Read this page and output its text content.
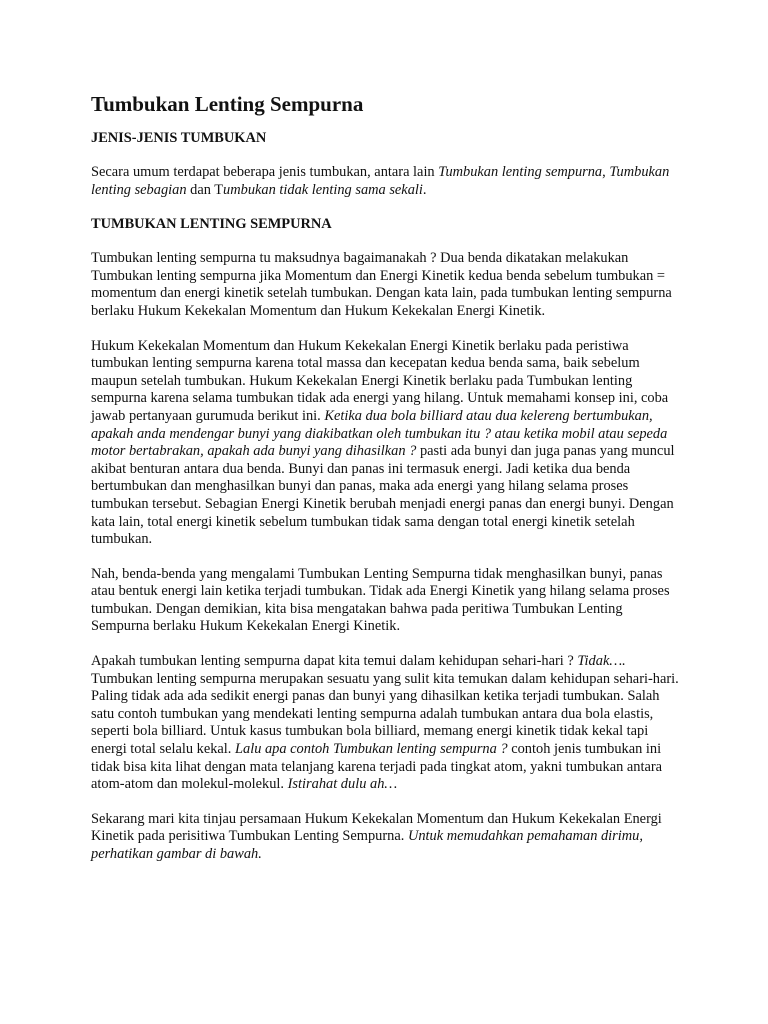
Tumbukan Lenting Sempurna
JENIS-JENIS TUMBUKAN

Secara umum terdapat beberapa jenis tumbukan, antara lain Tumbukan lenting sempurna, Tumbukan lenting sebagian dan Tumbukan tidak lenting sama sekali.

TUMBUKAN LENTING SEMPURNA

Tumbukan lenting sempurna tu maksudnya bagaimanakah ? Dua benda dikatakan melakukan Tumbukan lenting sempurna jika Momentum dan Energi Kinetik kedua benda sebelum tumbukan = momentum dan energi kinetik setelah tumbukan. Dengan kata lain, pada tumbukan lenting sempurna berlaku Hukum Kekekalan Momentum dan Hukum Kekekalan Energi Kinetik.

Hukum Kekekalan Momentum dan Hukum Kekekalan Energi Kinetik berlaku pada peristiwa tumbukan lenting sempurna karena total massa dan kecepatan kedua benda sama, baik sebelum maupun setelah tumbukan. Hukum Kekekalan Energi Kinetik berlaku pada Tumbukan lenting sempurna karena selama tumbukan tidak ada energi yang hilang. Untuk memahami konsep ini, coba jawab pertanyaan gurumuda berikut ini. Ketika dua bola billiard atau dua kelereng bertumbukan, apakah anda mendengar bunyi yang diakibatkan oleh tumbukan itu ? atau ketika mobil atau sepeda motor bertabrakan, apakah ada bunyi yang dihasilkan ? pasti ada bunyi dan juga panas yang muncul akibat benturan antara dua benda. Bunyi dan panas ini termasuk energi. Jadi ketika dua benda bertumbukan dan menghasilkan bunyi dan panas, maka ada energi yang hilang selama proses tumbukan tersebut. Sebagian Energi Kinetik berubah menjadi energi panas dan energi bunyi. Dengan kata lain, total energi kinetik sebelum tumbukan tidak sama dengan total energi kinetik setelah tumbukan.

Nah, benda-benda yang mengalami Tumbukan Lenting Sempurna tidak menghasilkan bunyi, panas atau bentuk energi lain ketika terjadi tumbukan. Tidak ada Energi Kinetik yang hilang selama proses tumbukan. Dengan demikian, kita bisa mengatakan bahwa pada peritiwa Tumbukan Lenting Sempurna berlaku Hukum Kekekalan Energi Kinetik.

Apakah tumbukan lenting sempurna dapat kita temui dalam kehidupan sehari-hari ? Tidak…. Tumbukan lenting sempurna merupakan sesuatu yang sulit kita temukan dalam kehidupan sehari-hari. Paling tidak ada ada sedikit energi panas dan bunyi yang dihasilkan ketika terjadi tumbukan. Salah satu contoh tumbukan yang mendekati lenting sempurna adalah tumbukan antara dua bola elastis, seperti bola billiard. Untuk kasus tumbukan bola billiard, memang energi kinetik tidak kekal tapi energi total selalu kekal. Lalu apa contoh Tumbukan lenting sempurna ? contoh jenis tumbukan ini tidak bisa kita lihat dengan mata telanjang karena terjadi pada tingkat atom, yakni tumbukan antara atom-atom dan molekul-molekul. Istirahat dulu ah…

Sekarang mari kita tinjau persamaan Hukum Kekekalan Momentum dan Hukum Kekekalan Energi Kinetik pada perisitiwa Tumbukan Lenting Sempurna. Untuk memudahkan pemahaman dirimu, perhatikan gambar di bawah.
